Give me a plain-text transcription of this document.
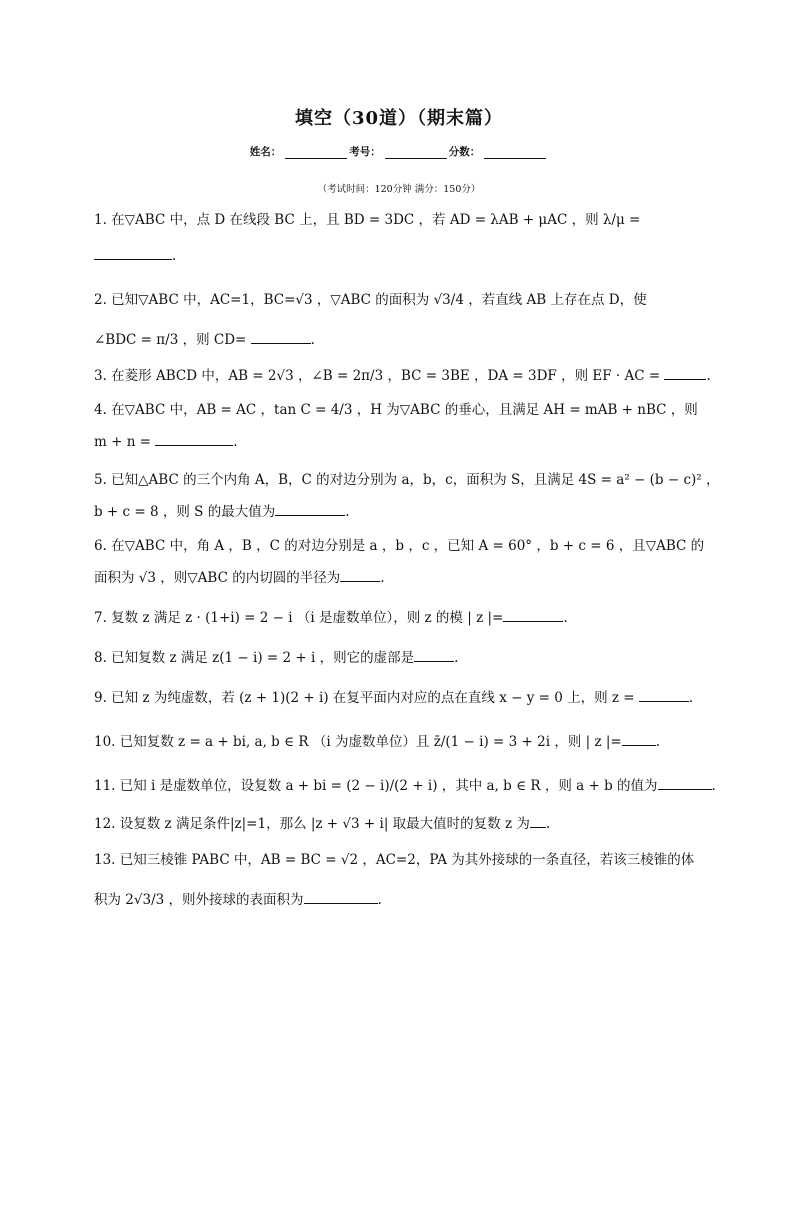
填空（30道）（期末篇）
姓名：	考号：	分数：
（考试时间：120分钟 满分：150分）
1. 在▽ABC 中，点 D 在线段 BC 上，且 BD = 3DC ，若 AD = λAB + μAC ，则 λ/μ =
.
2. 已知▽ABC 中，AC=1，BC=√3 ，▽ABC 的面积为 √3/4 ，若直线 AB 上存在点 D，使
∠BDC = π/3 ，则 CD=	.
3. 在菱形 ABCD 中，AB = 2√3 ，∠B = 2π/3 ，BC = 3BE ，DA = 3DF ，则 EF · AC =	.
4. 在▽ABC 中，AB = AC ，tan C = 4/3 ，H 为▽ABC 的垂心，且满足 AH = mAB + nBC ，则
m + n =	.
5. 已知△ABC 的三个内角 A，B，C 的对边分别为 a，b，c，面积为 S，且满足 4S = a² − (b − c)² ，
b + c = 8 ，则 S 的最大值为	.
6. 在▽ABC 中，角 A ，B ，C 的对边分别是 a ，b ，c ，已知 A = 60° ，b + c = 6 ，且▽ABC 的
面积为 √3 ，则▽ABC 的内切圆的半径为	.
7. 复数 z 满足 z · (1+i) = 2 − i （i 是虚数单位），则 z 的模 | z |=	.
8. 已知复数 z 满足 z(1 − i) = 2 + i ，则它的虚部是	.
9. 已知 z 为纯虚数，若 (z + 1)(2 + i) 在复平面内对应的点在直线 x − y = 0 上，则 z =	.
10. 已知复数 z = a + bi, a, b ∈ R （i 为虚数单位）且 z̄/(1 − i) = 3 + 2i ，则 | z |=	.
11. 已知 i 是虚数单位，设复数 a + bi = (2 − i)/(2 + i) ，其中 a, b ∈ R ，则 a + b 的值为	.
12. 设复数 z 满足条件|z|=1，那么 |z + √3 + i| 取最大值时的复数 z 为 .
13. 已知三棱锥 PABC 中，AB = BC = √2 ，AC=2，PA 为其外接球的一条直径，若该三棱锥的体
积为 2√3/3 ，则外接球的表面积为	.
